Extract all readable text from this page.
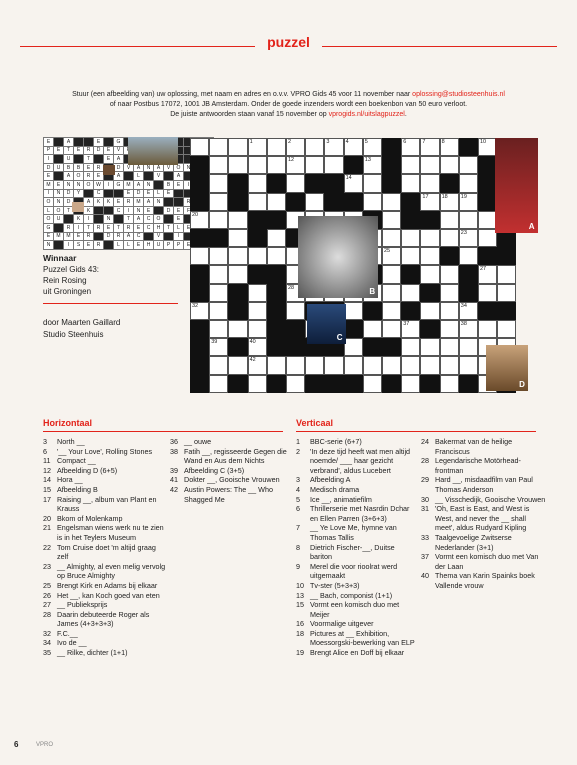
puzzel
Stuur (een afbeelding van) uw oplossing, met naam en adres en o.v.v. VPRO Gids 45 voor 11 november naar oplossing@studiosteenhuis.nl
of naar Postbus 17072, 1001 JB Amsterdam. Onder de goede inzenders wordt een boekenbon van 50 euro verloot.
De juiste antwoorden staan vanaf 15 november op vprogids.nl/uitslagpuzzel.
E		A			E		G									
P	E	T	E	R	D	E	V									
I		U		T		E	A									
D	U	B	B	E	R		D	V	A	N	A	V	O	N		
E		A	O	R	E		A		L		V		A			
M	E	N	N	O	W	I	G	M	A	N		B	E	I		
I	N	D	Y		C			E	D	E	L	E				
O	N	D		A	K	K	E	R	M	A	N			R		
L	O	T		K			C	I	N	E		D	E	F		
O	U		K	I		N		T	A	C	O		E			
G		R	I	T	R	E	T	R	E	C	H	T	L	E		
E	M	M	E	R		D	R	A	C		V		I			
N		I	S	E	R		L	L	E	H	U	P	P	E		
Winnaar
Puzzel Gids 43:
Rein Rosing
uit Groningen
door Maarten Gaillard
Studio Steenhuis
1	2	3	4	5	6	7	8	10
12	13
14
17 18 19
20
23
25
27
28
32	34
37	38
39	40
42
A
B
C
D
Horizontaal	Verticaal
3	North __
6	'__ Your Love', Rolling Stones
11 Compact __
12 Afbeelding D (6+5)
14 Hora __
15 Afbeelding B
17 Raising __, album van Plant en Krauss
20 Bkom of Molenkamp
21 Engelsman wiens werk nu te zien is in het Teylers Museum
22 Tom Cruise doet 'm altijd graag zelf
23 __ Almighty, al even melig vervolg op Bruce Almighty
25 Brengt Kirk en Adams bij elkaar
26 Het __, kan Koch goed van eten
27 __ Publieksprijs
28 Daarin debuteerde Roger als James (4+3+3+3)
32 F.C.__
34 Ivo de __
35 __ Rilke, dichter (1+1)
36 __ ouwe
38 Fatih __, regisseerde Gegen die Wand en Aus dem Nichts
39 Afbeelding C (3+5)
41 Dokter __, Gooische Vrouwen
42 Austin Powers: The __ Who Shagged Me
1	BBC-serie (6+7)
2	'In deze tijd heeft wat men altijd noemde/ ___ haar gezicht verbrand', aldus Lucebert
3	Afbeelding A
4	Medisch drama
5	Ice __, animatiefilm
6	Thrillerserie met Nasrdin Dchar en Ellen Parren (3+6+3)
7	__ Ye Love Me, hymne van Thomas Tallis
8	Dietrich Fischer-__, Duitse bariton
9	Merel die voor rioolrat werd uitgemaakt
10 Tv-ster (5+3+3)
13 __ Bach, componist (1+1)
15 Vormt een komisch duo met Meijer
16 Voormalige uitgever
18 Pictures at __ Exhibition, Moessorgski-bewerking van ELP
19 Brengt Alice en Doff bij elkaar
24 Bakermat van de heilige Franciscus
28 Legendarische Motörhead-frontman
29 Hard __, misdaadfilm van Paul Thomas Anderson
30 __ Visschedijk, Gooische Vrouwen
31 'Oh, East is East, and West is West, and never the __ shall meet', aldus Rudyard Kipling
33 Taalgevoelige Zwitserse Nederlander (3+1)
37 Vormt een komisch duo met Van der Laan
40 Thema van Karin Spainks boek Vallende vrouw
6	VPRO
